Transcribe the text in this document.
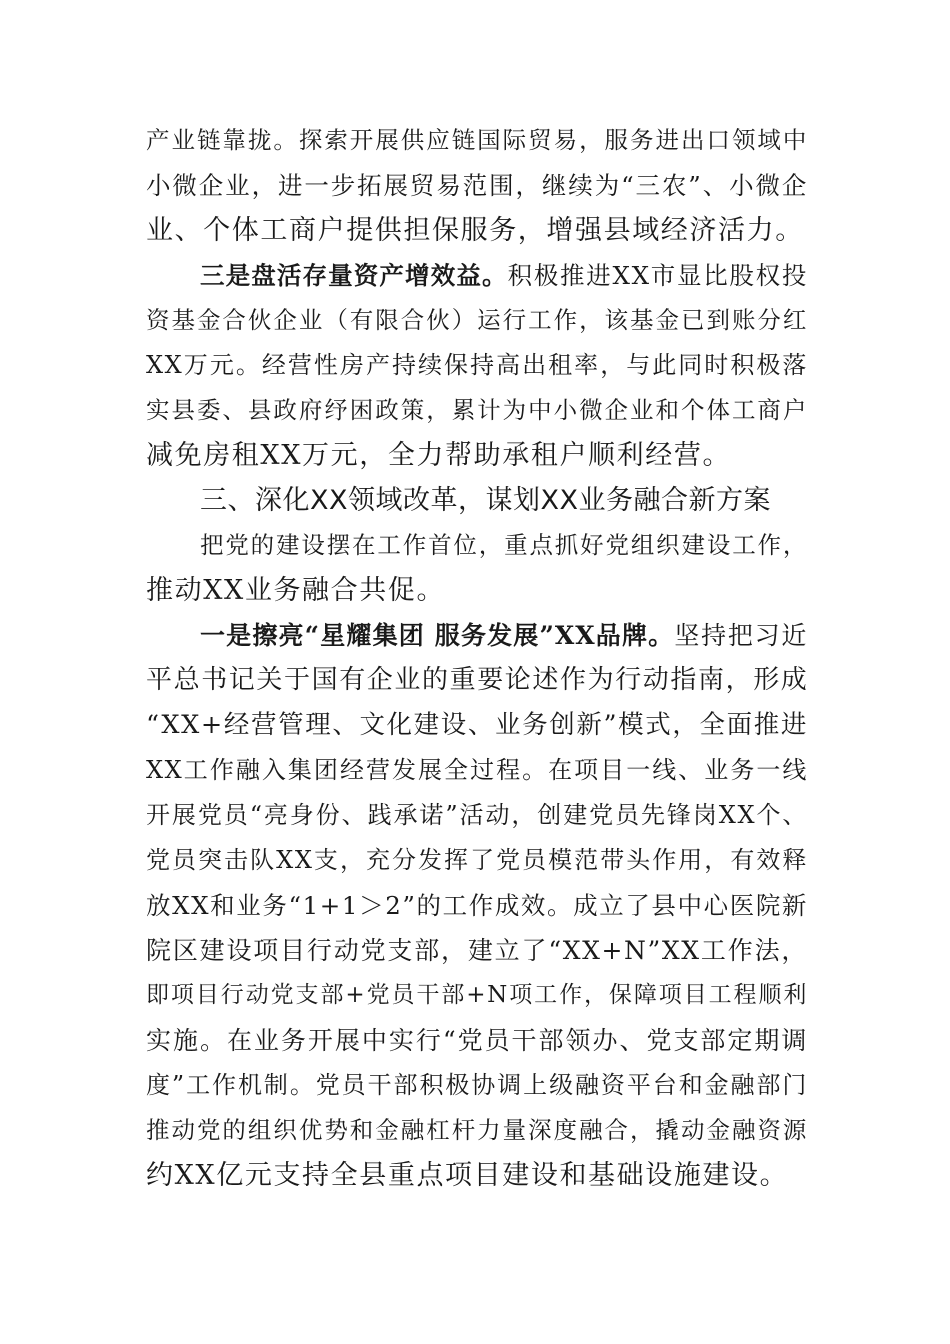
产业链靠拢。探索开展供应链国际贸易，服务进出口领域中
小微企业，进一步拓展贸易范围，继续为“三农”、小微企
业、个体工商户提供担保服务，增强县域经济活力。
三是盘活存量资产增效益。积极推进XX市显比股权投
资基金合伙企业（有限合伙）运行工作，该基金已到账分红
XX万元。经营性房产持续保持高出租率，与此同时积极落
实县委、县政府纾困政策，累计为中小微企业和个体工商户
减免房租XX万元，全力帮助承租户顺利经营。
三、深化XX领域改革，谋划XX业务融合新方案
把党的建设摆在工作首位，重点抓好党组织建设工作，
推动XX业务融合共促。
一是擦亮“星耀集团 服务发展”XX品牌。坚持把习近
平总书记关于国有企业的重要论述作为行动指南，形成
“XX+经营管理、文化建设、业务创新”模式，全面推进
XX工作融入集团经营发展全过程。在项目一线、业务一线
开展党员“亮身份、践承诺”活动，创建党员先锋岗XX个、
党员突击队XX支，充分发挥了党员模范带头作用，有效释
放XX和业务“1+1＞2”的工作成效。成立了县中心医院新
院区建设项目行动党支部，建立了“XX+N”XX工作法，
即项目行动党支部+党员干部+N项工作，保障项目工程顺利
实施。在业务开展中实行“党员干部领办、党支部定期调
度”工作机制。党员干部积极协调上级融资平台和金融部门
推动党的组织优势和金融杠杆力量深度融合，撬动金融资源
约XX亿元支持全县重点项目建设和基础设施建设。
